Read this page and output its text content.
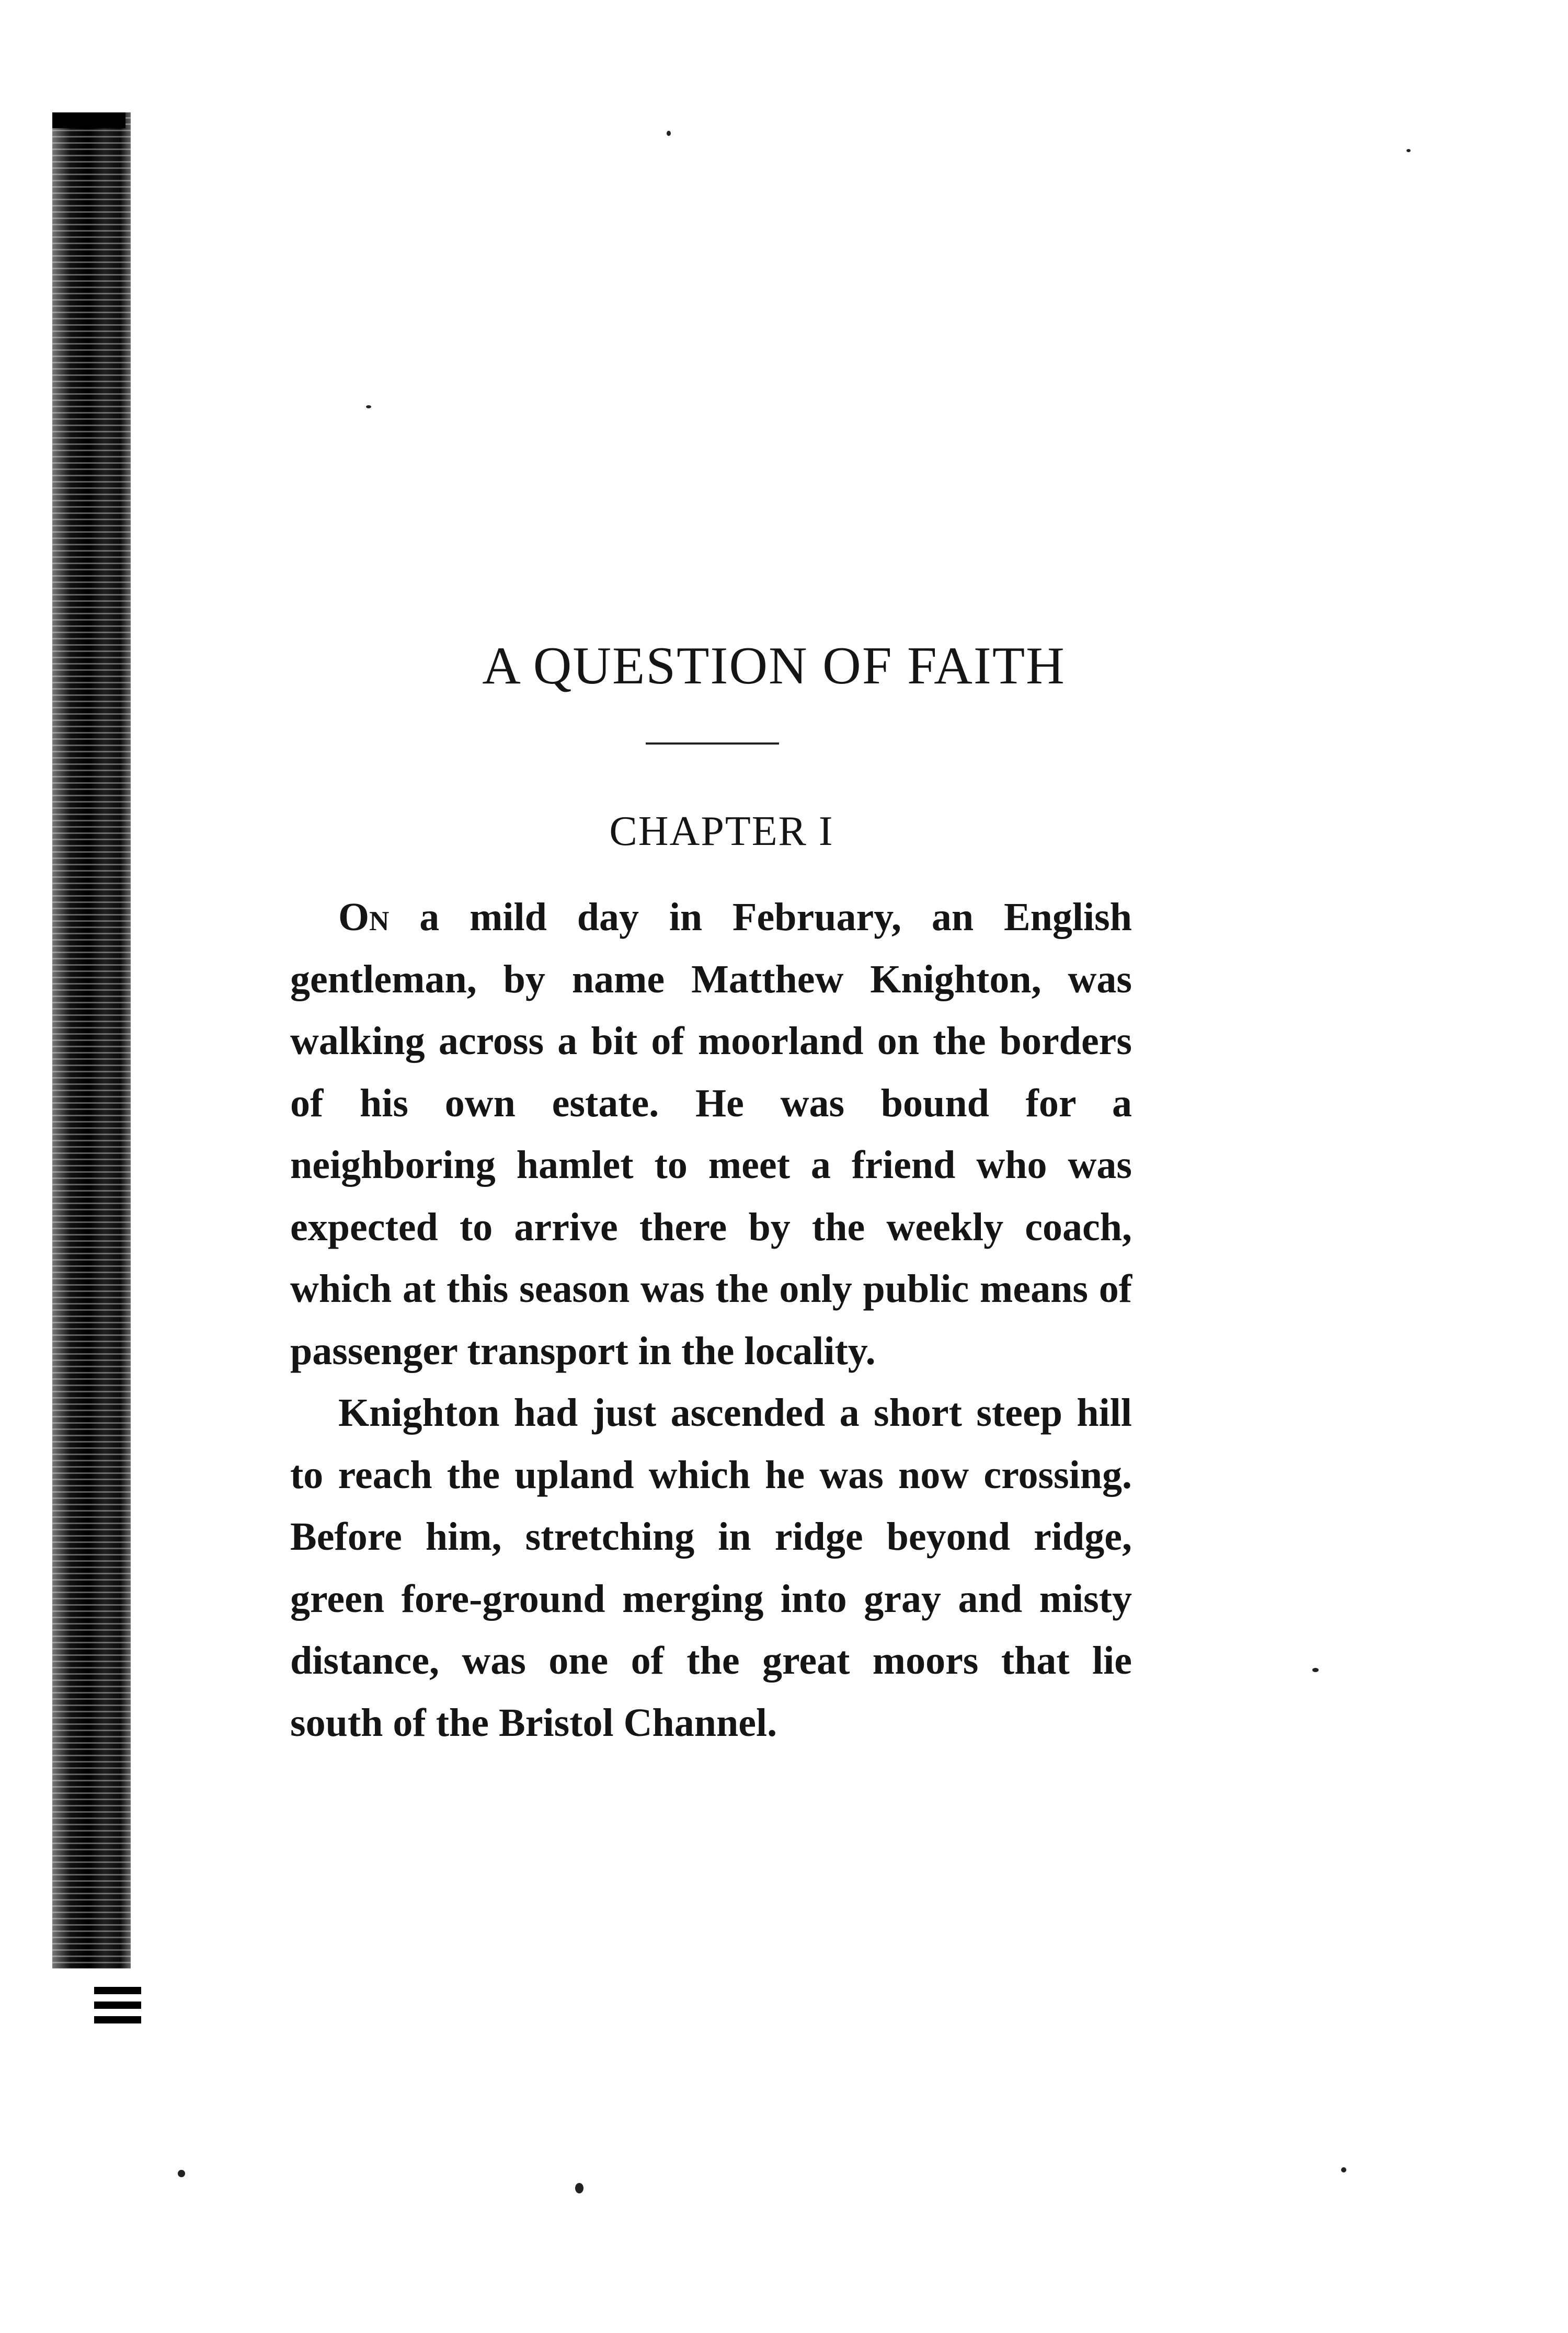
A QUESTION OF FAITH
CHAPTER I

On a mild day in February, an English gentleman, by name Matthew Knighton, was walking across a bit of moorland on the borders of his own estate. He was bound for a neighboring hamlet to meet a friend who was expected to arrive there by the weekly coach, which at this season was the only public means of passenger transport in the locality.

Knighton had just ascended a short steep hill to reach the upland which he was now crossing. Before him, stretching in ridge beyond ridge, green fore-ground merging into gray and misty distance, was one of the great moors that lie south of the Bristol Channel.
